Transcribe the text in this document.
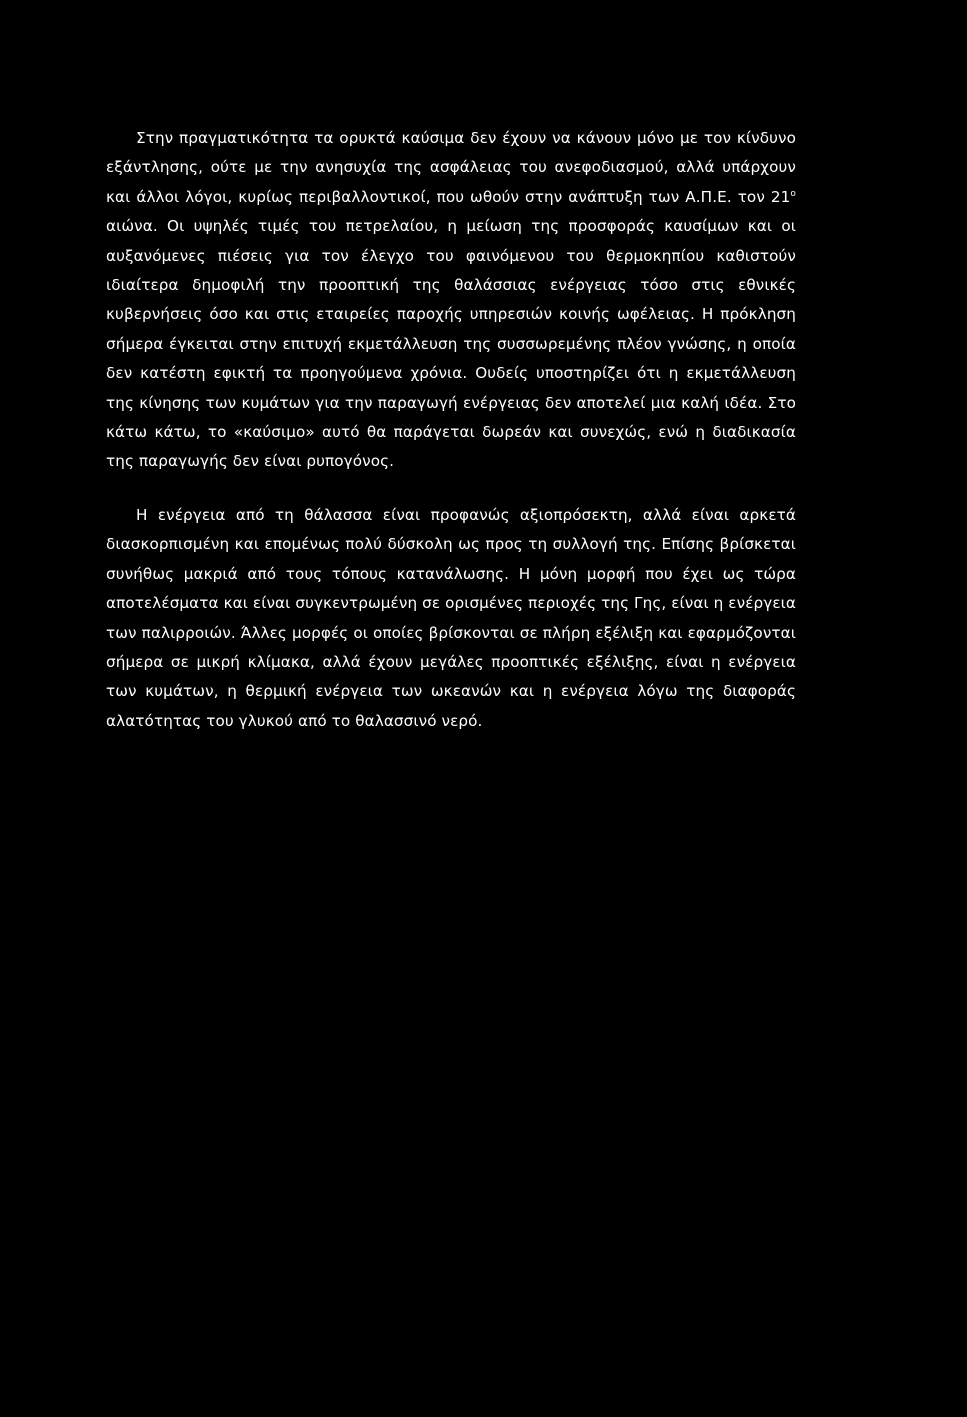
Στην πραγματικότητα τα ορυκτά καύσιμα δεν έχουν να κάνουν μόνο με τον κίνδυνο εξάντλησης, ούτε με την ανησυχία της ασφάλειας του ανεφοδιασμού, αλλά υπάρχουν και άλλοι λόγοι, κυρίως περιβαλλοντικοί, που ωθούν στην ανάπτυξη των Α.Π.Ε. τον $21^o$ αιώνα. Οι υψηλές τιμές του πετρελαίου, η μείωση της προσφοράς καυσίμων και οι αυξανόμενες πιέσεις για τον έλεγχο του φαινόμενου του θερμοκηπίου καθιστούν ιδιαίτερα δημοφιλή την προοπτική της θαλάσσιας ενέργειας τόσο στις εθνικές κυβερνήσεις όσο και στις εταιρείες παροχής υπηρεσιών κοινής ωφέλειας. Η πρόκληση σήμερα έγκειται στην επιτυχή εκμετάλλευση της συσσωρεμένης πλέον γνώσης, η οποία δεν κατέστη εφικτή τα προηγούμενα χρόνια. Ουδείς υποστηρίζει ότι η εκμετάλλευση της κίνησης των κυμάτων για την παραγωγή ενέργειας δεν αποτελεί μια καλή ιδέα. Στο κάτω κάτω, το «καύσιμο» αυτό θα παράγεται δωρεάν και συνεχώς, ενώ η διαδικασία της παραγωγής δεν είναι ρυπογόνος.

Η ενέργεια από τη θάλασσα είναι προφανώς αξιοπρόσεκτη, αλλά είναι αρκετά διασκορπισμένη και επομένως πολύ δύσκολη ως προς τη συλλογή της. Επίσης βρίσκεται συνήθως μακριά από τους τόπους κατανάλωσης. Η μόνη μορφή που έχει ως τώρα αποτελέσματα και είναι συγκεντρωμένη σε ορισμένες περιοχές της Γης, είναι η ενέργεια των παλιρροιών. Άλλες μορφές οι οποίες βρίσκονται σε πλήρη εξέλιξη και εφαρμόζονται σήμερα σε μικρή κλίμακα, αλλά έχουν μεγάλες προοπτικές εξέλιξης, είναι η ενέργεια των κυμάτων, η θερμική ενέργεια των ωκεανών και η ενέργεια λόγω της διαφοράς αλατότητας του γλυκού από το θαλασσινό νερό.
